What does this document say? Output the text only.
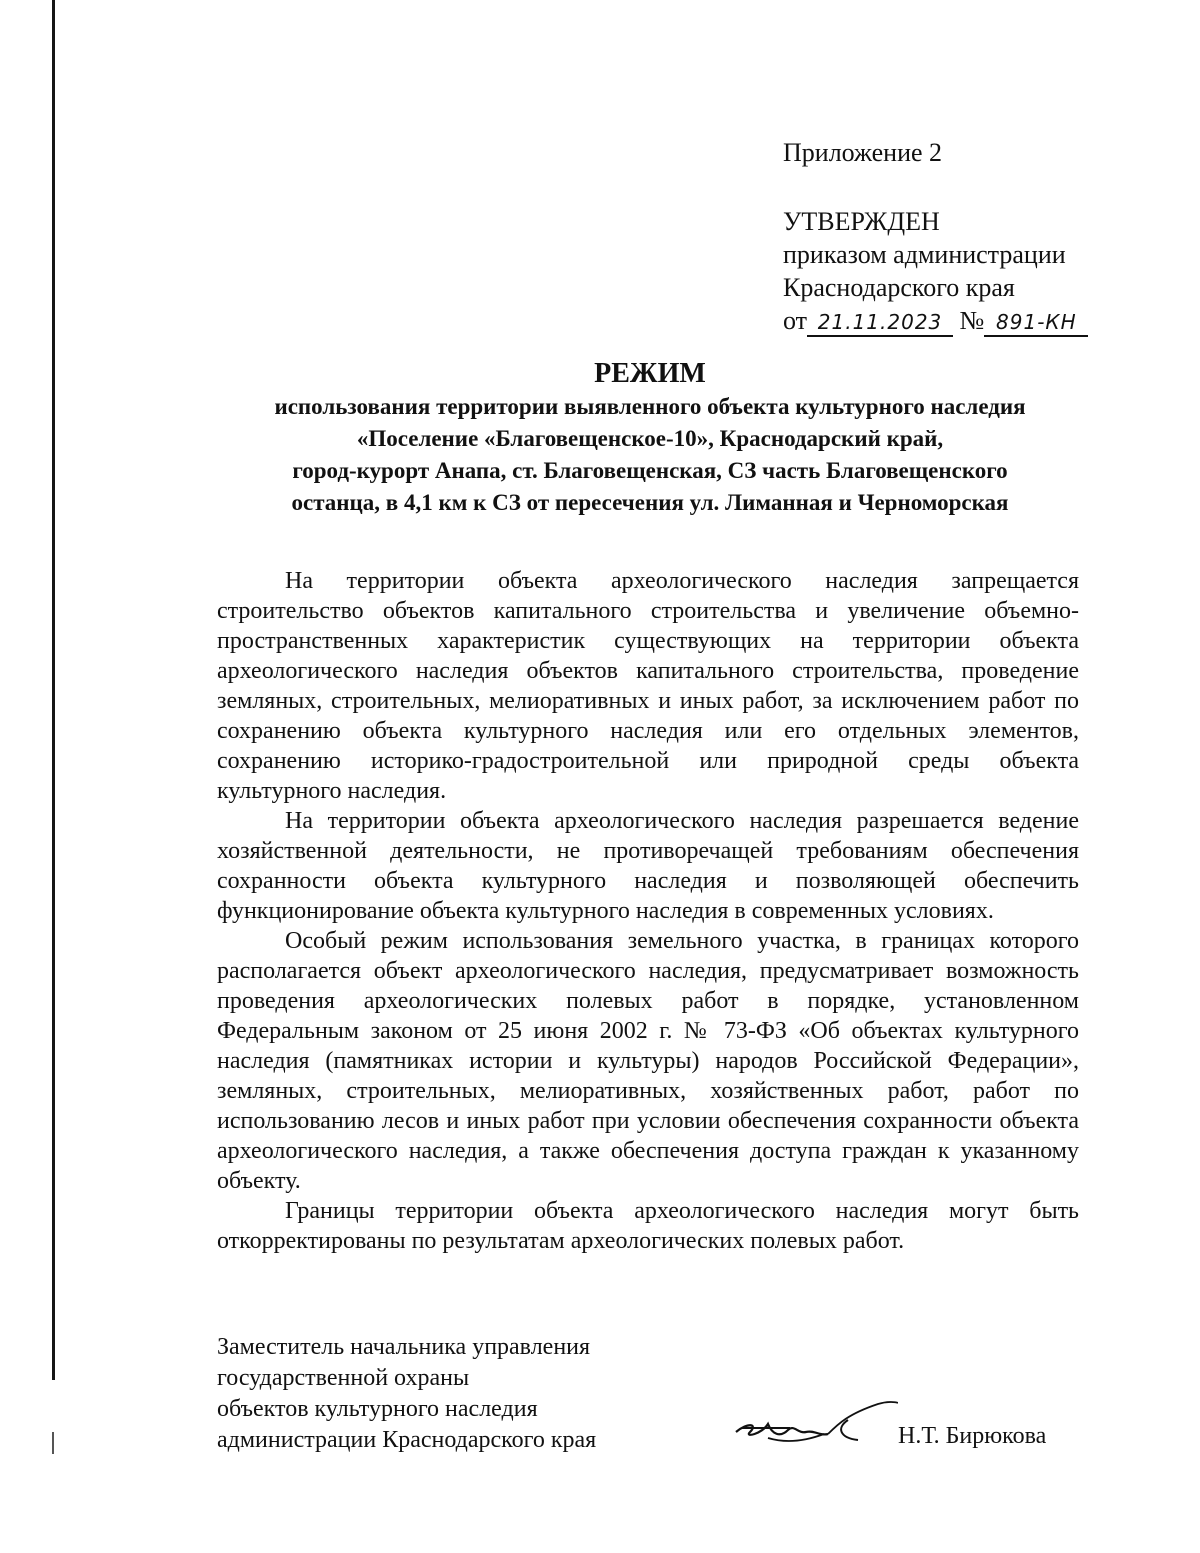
Приложение 2
УТВЕРЖДЕН
приказом администрации
Краснодарского края
от 21.11.2023 № 891-КН
РЕЖИМ
использования территории выявленного объекта культурного наследия
«Поселение «Благовещенское-10», Краснодарский край,
город-курорт Анапа, ст. Благовещенская, СЗ часть Благовещенского
останца, в 4,1 км к СЗ от пересечения ул. Лиманная и Черноморская

На территории объекта археологического наследия запрещается строительство объектов капитального строительства и увеличение объемно-пространственных характеристик существующих на территории объекта археологического наследия объектов капитального строительства, проведение земляных, строительных, мелиоративных и иных работ, за исключением работ по сохранению объекта культурного наследия или его отдельных элементов, сохранению историко-градостроительной или природной среды объекта культурного наследия.

На территории объекта археологического наследия разрешается ведение хозяйственной деятельности, не противоречащей требованиям обеспечения сохранности объекта культурного наследия и позволяющей обеспечить функционирование объекта культурного наследия в современных условиях.

Особый режим использования земельного участка, в границах которого располагается объект археологического наследия, предусматривает возможность проведения археологических полевых работ в порядке, установленном Федеральным законом от 25 июня 2002 г. № 73-ФЗ «Об объектах культурного наследия (памятниках истории и культуры) народов Российской Федерации», земляных, строительных, мелиоративных, хозяйственных работ, работ по использованию лесов и иных работ при условии обеспечения сохранности объекта археологического наследия, а также обеспечения доступа граждан к указанному объекту.

Границы территории объекта археологического наследия могут быть откорректированы по результатам археологических полевых работ.

Заместитель начальника управления
государственной охраны
объектов культурного наследия
администрации Краснодарского края	Н.Т. Бирюкова
